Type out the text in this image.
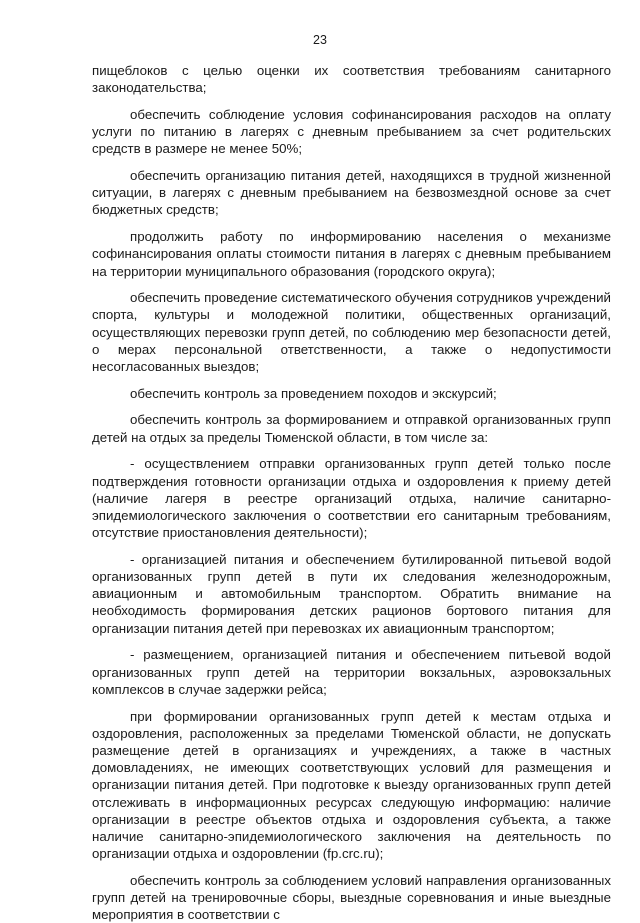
23

пищеблоков с целью оценки их соответствия требованиям санитарного законодательства;

обеспечить соблюдение условия софинансирования расходов на оплату услуги по питанию в лагерях с дневным пребыванием за счет родительских средств в размере не менее 50%;

обеспечить организацию питания детей, находящихся в трудной жизненной ситуации, в лагерях с дневным пребыванием на безвозмездной основе за счет бюджетных средств;

продолжить работу по информированию населения о механизме софинансирования оплаты стоимости питания в лагерях с дневным пребыванием на территории муниципального образования (городского округа);

обеспечить проведение систематического обучения сотрудников учреждений спорта, культуры и молодежной политики, общественных организаций, осуществляющих перевозки групп детей, по соблюдению мер безопасности детей, о мерах персональной ответственности, а также о недопустимости несогласованных выездов;

обеспечить контроль за проведением походов и экскурсий;

обеспечить контроль за формированием и отправкой организованных групп детей на отдых за пределы Тюменской области, в том числе за:

- осуществлением отправки организованных групп детей только после подтверждения готовности организации отдыха и оздоровления к приему детей (наличие лагеря в реестре организаций отдыха, наличие санитарно-эпидемиологического заключения о соответствии его санитарным требованиям, отсутствие приостановления деятельности);

- организацией питания и обеспечением бутилированной питьевой водой организованных групп детей в пути их следования железнодорожным, авиационным и автомобильным транспортом. Обратить внимание на необходимость формирования детских рационов бортового питания для организации питания детей при перевозках их авиационным транспортом;

- размещением, организацией питания и обеспечением питьевой водой организованных групп детей на территории вокзальных, аэровокзальных комплексов в случае задержки рейса;

при формировании организованных групп детей к местам отдыха и оздоровления, расположенных за пределами Тюменской области, не допускать размещение детей в организациях и учреждениях, а также в частных домовладениях, не имеющих соответствующих условий для размещения и организации питания детей. При подготовке к выезду организованных групп детей отслеживать в информационных ресурсах следующую информацию: наличие организации в реестре объектов отдыха и оздоровления субъекта, а также наличие санитарно-эпидемиологического заключения на деятельность по организации отдыха и оздоровлении (fp.crc.ru);

обеспечить контроль за соблюдением условий направления организованных групп детей на тренировочные сборы, выездные соревнования и иные выездные мероприятия в соответствии с
